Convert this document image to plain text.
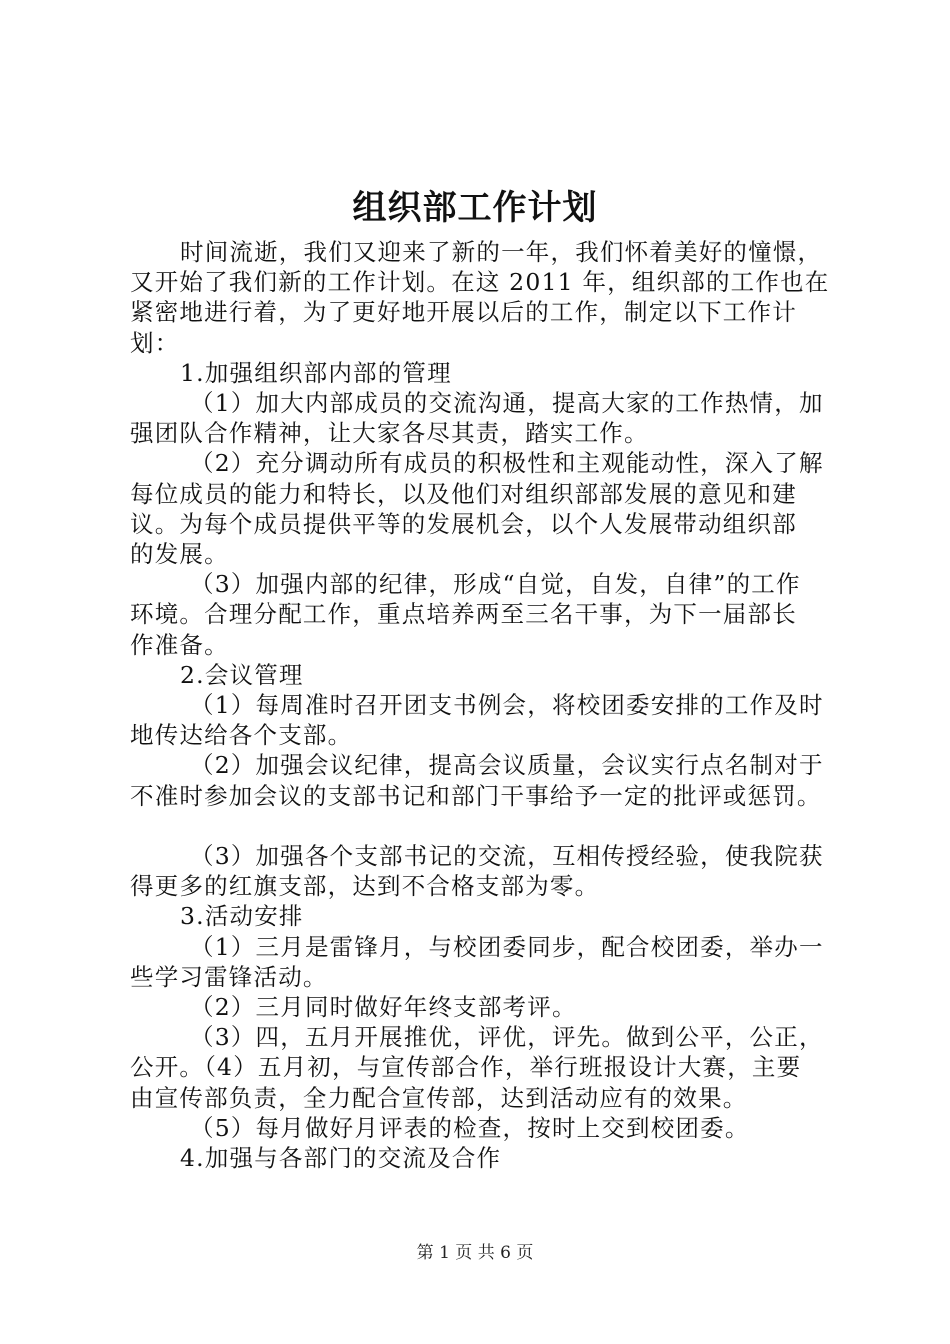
组织部工作计划
时间流逝，我们又迎来了新的一年，我们怀着美好的憧憬，
又开始了我们新的工作计划。在这 2011 年，组织部的工作也在
紧密地进行着，为了更好地开展以后的工作，制定以下工作计
划：
1.加强组织部内部的管理
（1）加大内部成员的交流沟通，提高大家的工作热情，加
强团队合作精神，让大家各尽其责，踏实工作。
（2）充分调动所有成员的积极性和主观能动性，深入了解
每位成员的能力和特长，以及他们对组织部部发展的意见和建
议。为每个成员提供平等的发展机会，以个人发展带动组织部
的发展。
（3）加强内部的纪律，形成“自觉，自发，自律”的工作
环境。合理分配工作，重点培养两至三名干事，为下一届部长
作准备。
2.会议管理
（1）每周准时召开团支书例会，将校团委安排的工作及时
地传达给各个支部。
（2）加强会议纪律，提高会议质量，会议实行点名制对于
不准时参加会议的支部书记和部门干事给予一定的批评或惩罚。
（3）加强各个支部书记的交流，互相传授经验，使我院获
得更多的红旗支部，达到不合格支部为零。
3.活动安排
（1）三月是雷锋月，与校团委同步，配合校团委，举办一
些学习雷锋活动。
（2）三月同时做好年终支部考评。
（3）四，五月开展推优，评优，评先。做到公平，公正，
公开。（4）五月初，与宣传部合作，举行班报设计大赛，主要
由宣传部负责，全力配合宣传部，达到活动应有的效果。
（5）每月做好月评表的检查，按时上交到校团委。
4.加强与各部门的交流及合作
第 1 页 共 6 页
